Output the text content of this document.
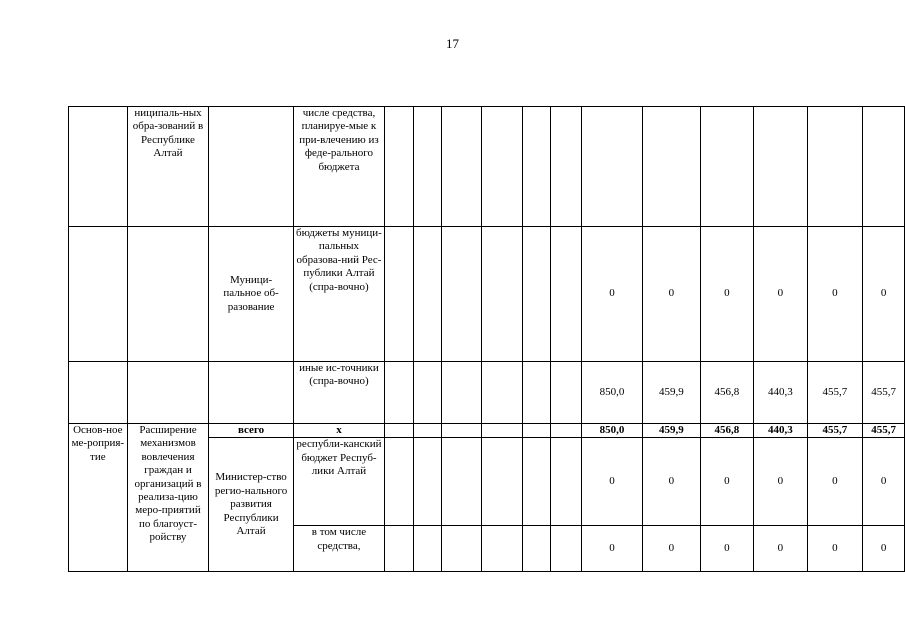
17
	ниципаль-ных обра-зований в Республике Алтай		числе средства, планируе-мые к при-влечению из феде-рального бюджета												
		Муници-пальное об-разование	бюджеты муници-пальных образова-ний Рес-публики Алтай (спра-вочно)							0	0	0	0	0	0
			иные ис-точники (спра-вочно)							850,0	459,9	456,8	440,3	455,7	455,7
Основ-ное ме-роприя-тие	Расширение механизмов вовлечения граждан и организаций в реализа-цию меро-приятий по благоуст-ройству	всего	х							850,0	459,9	456,8	440,3	455,7	455,7
		Министер-ство регио-нального развития Республики Алтай	республи-канский бюджет Респуб-лики Алтай							0	0	0	0	0	0
			в том числе средства,							0	0	0	0	0	0
